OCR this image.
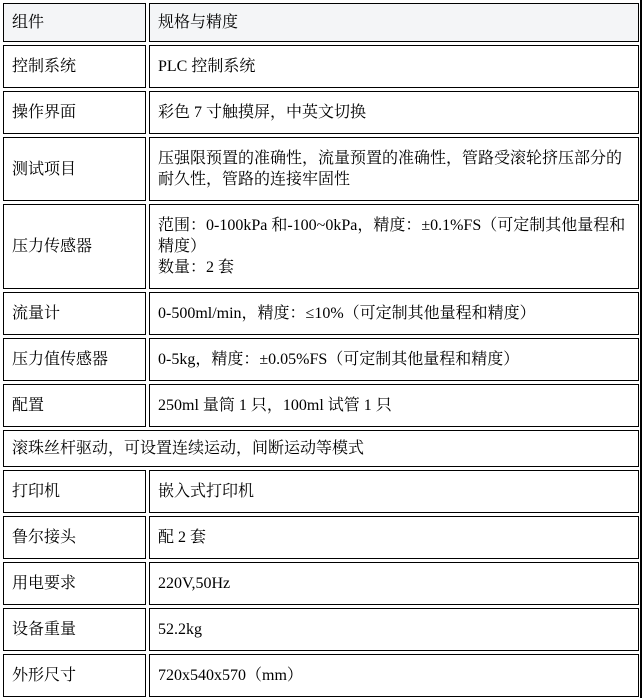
组件	规格与精度
控制系统	PLC 控制系统

操作界面	彩色 7 寸触摸屏，中英文切换

测试项目	压强限预置的准确性，流量预置的准确性，管路受滚轮挤压部分的耐久性，管路的连接牢固性

压力传感器	范围：0-100kPa 和-100~0kPa，精度：±0.1%FS（可定制其他量程和精度）
数量：2 套

流量计	0-500ml/min，精度：≤10%（可定制其他量程和精度）

压力值传感器	0-5kg，精度：±0.05%FS（可定制其他量程和精度）

配置	250ml 量筒 1 只，100ml 试管 1 只

滚珠丝杆驱动，可设置连续运动，间断运动等模式	

打印机	嵌入式打印机

鲁尔接头	配 2 套

用电要求	220V,50Hz

设备重量	52.2kg

外形尺寸	720x540x570（mm）
